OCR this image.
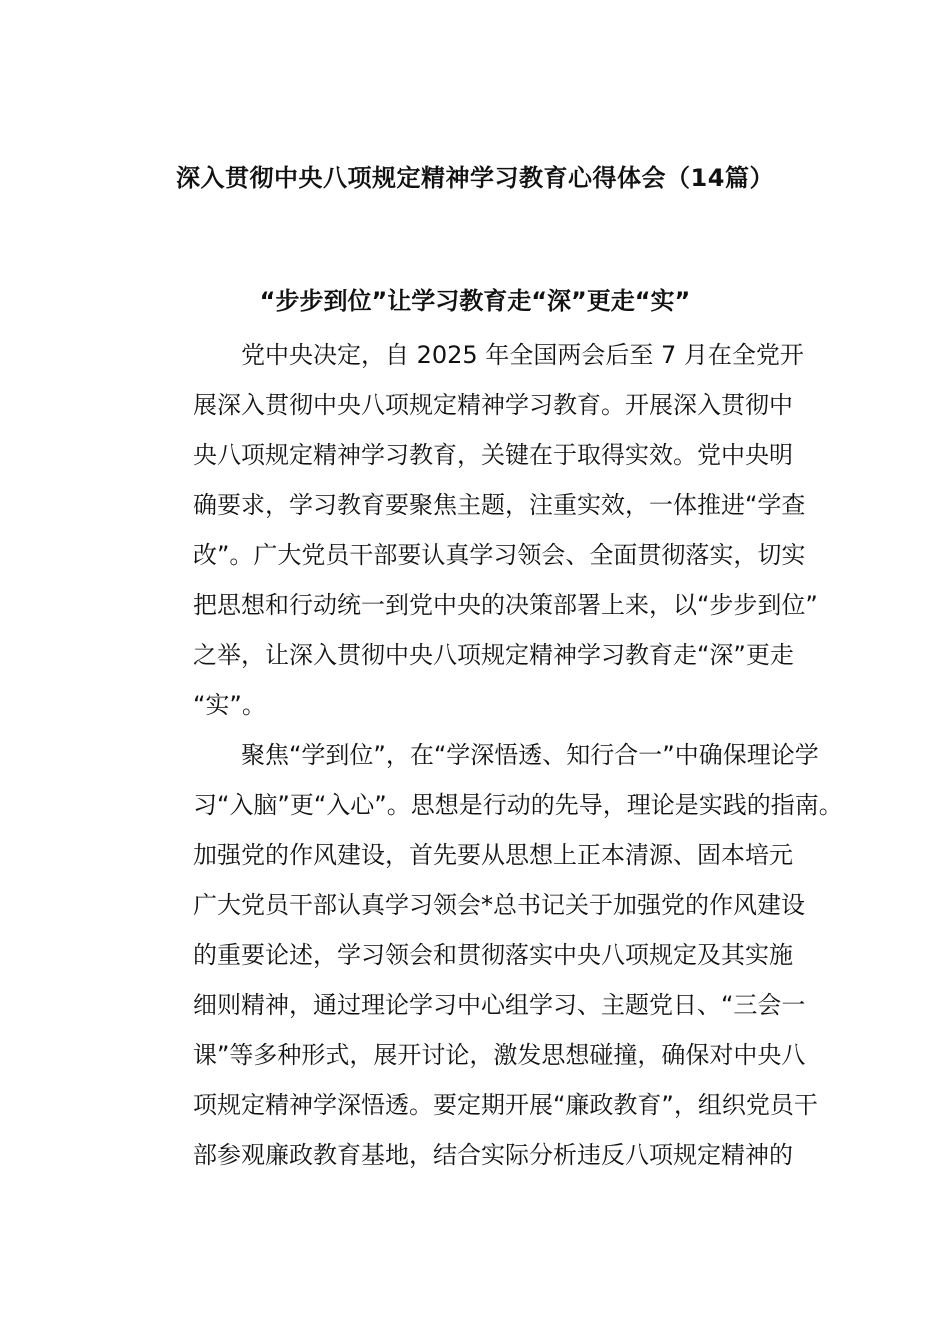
深入贯彻中央八项规定精神学习教育心得体会（14篇）
“步步到位”让学习教育走“深”更走“实”
党中央决定，自 2025 年全国两会后至 7 月在全党开
展深入贯彻中央八项规定精神学习教育。开展深入贯彻中
央八项规定精神学习教育，关键在于取得实效。党中央明
确要求，学习教育要聚焦主题，注重实效，一体推进“学查
改”。广大党员干部要认真学习领会、全面贯彻落实，切实
把思想和行动统一到党中央的决策部署上来，以“步步到位”
之举，让深入贯彻中央八项规定精神学习教育走“深”更走
“实”。
聚焦“学到位”，在“学深悟透、知行合一”中确保理论学
习“入脑”更“入心”。思想是行动的先导，理论是实践的指南。
加强党的作风建设，首先要从思想上正本清源、固本培元
广大党员干部认真学习领会*总书记关于加强党的作风建设
的重要论述，学习领会和贯彻落实中央八项规定及其实施
细则精神，通过理论学习中心组学习、主题党日、“三会一
课”等多种形式，展开讨论，激发思想碰撞，确保对中央八
项规定精神学深悟透。要定期开展“廉政教育”，组织党员干
部参观廉政教育基地，结合实际分析违反八项规定精神的
